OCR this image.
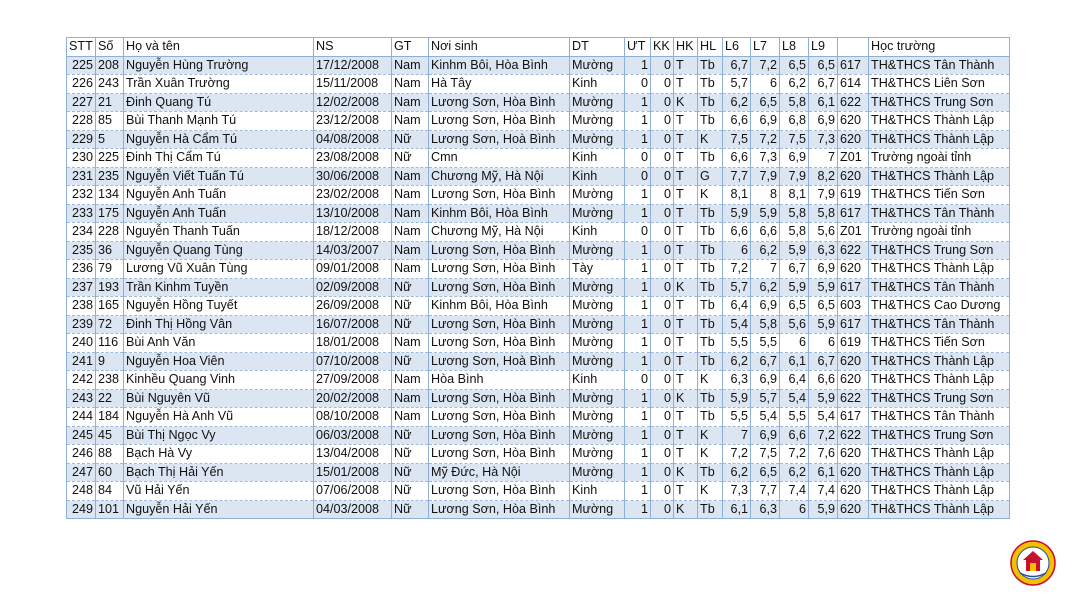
STT	Số	Họ và tên	NS	GT	Nơi sinh	DT	ƯT	KK	HK	HL	L6	L7	L8	L9		Học trường
225	208	Nguyễn Hùng Trường	17/12/2008	Nam	Kinhm Bôi, Hòa Bình	Mường	1	0	T	Tb	6,7	7,2	6,5	6,5	617	TH&THCS Tân Thành
226	243	Trần Xuân Trường	15/11/2008	Nam	Hà Tây	Kinh	0	0	T	Tb	5,7	6	6,2	6,7	614	TH&THCS Liên Sơn
227	21	Đinh Quang Tú	12/02/2008	Nam	Lương Sơn, Hòa Bình	Mường	1	0	K	Tb	6,2	6,5	5,8	6,1	622	TH&THCS Trung Sơn
228	85	Bùi Thanh Mạnh Tú	23/12/2008	Nam	Lương Sơn, Hòa Bình	Mường	1	0	T	Tb	6,6	6,9	6,8	6,9	620	TH&THCS Thành Lập
229	5	Nguyễn Hà Cẩm Tú	04/08/2008	Nữ	Lương Sơn, Hoà Bình	Mường	1	0	T	K	7,5	7,2	7,5	7,3	620	TH&THCS Thành Lập
230	225	Đinh Thị Cẩm Tú	23/08/2008	Nữ	Cmn	Kinh	0	0	T	Tb	6,6	7,3	6,9	7	Z01	Trường ngoài tỉnh
231	235	Nguyễn Viết Tuấn Tú	30/06/2008	Nam	Chương Mỹ, Hà Nội	Kinh	0	0	T	G	7,7	7,9	7,9	8,2	620	TH&THCS Thành Lập
232	134	Nguyễn Anh Tuấn	23/02/2008	Nam	Lương Sơn, Hòa Bình	Mường	1	0	T	K	8,1	8	8,1	7,9	619	TH&THCS Tiến Sơn
233	175	Nguyễn Anh Tuấn	13/10/2008	Nam	Kinhm Bôi, Hòa Bình	Mường	1	0	T	Tb	5,9	5,9	5,8	5,8	617	TH&THCS Tân Thành
234	228	Nguyễn Thanh Tuấn	18/12/2008	Nam	Chương Mỹ, Hà Nội	Kinh	0	0	T	Tb	6,6	6,6	5,8	5,6	Z01	Trường ngoài tỉnh
235	36	Nguyễn Quang Tùng	14/03/2007	Nam	Lương Sơn, Hòa Bình	Mường	1	0	T	Tb	6	6,2	5,9	6,3	622	TH&THCS Trung Sơn
236	79	Lương Vũ Xuân Tùng	09/01/2008	Nam	Lương Sơn, Hòa Bình	Tày	1	0	T	Tb	7,2	7	6,7	6,9	620	TH&THCS Thành Lập
237	193	Trần Kinhm Tuyền	02/09/2008	Nữ	Lương Sơn, Hòa Bình	Mường	1	0	K	Tb	5,7	6,2	5,9	5,9	617	TH&THCS Tân Thành
238	165	Nguyễn Hồng Tuyết	26/09/2008	Nữ	Kinhm Bôi, Hòa Bình	Mường	1	0	T	Tb	6,4	6,9	6,5	6,5	603	TH&THCS Cao Dương
239	72	Đinh Thị Hồng Vân	16/07/2008	Nữ	Lương Sơn, Hòa Bình	Mường	1	0	T	Tb	5,4	5,8	5,6	5,9	617	TH&THCS Tân Thành
240	116	Bùi Anh Văn	18/01/2008	Nam	Lương Sơn, Hòa Bình	Mường	1	0	T	Tb	5,5	5,5	6	6	619	TH&THCS Tiến Sơn
241	9	Nguyễn Hoa Viên	07/10/2008	Nữ	Lương Sơn, Hoà Bình	Mường	1	0	T	Tb	6,2	6,7	6,1	6,7	620	TH&THCS Thành Lập
242	238	Kinhều Quang Vinh	27/09/2008	Nam	Hòa Bình	Kinh	0	0	T	K	6,3	6,9	6,4	6,6	620	TH&THCS Thành Lập
243	22	Bùi Nguyên Vũ	20/02/2008	Nam	Lương Sơn, Hòa Bình	Mường	1	0	K	Tb	5,9	5,7	5,4	5,9	622	TH&THCS Trung Sơn
244	184	Nguyễn Hà Anh Vũ	08/10/2008	Nam	Lương Sơn, Hòa Bình	Mường	1	0	T	Tb	5,5	5,4	5,5	5,4	617	TH&THCS Tân Thành
245	45	Bùi Thị Ngọc Vy	06/03/2008	Nữ	Lương Sơn, Hòa Bình	Mường	1	0	T	K	7	6,9	6,6	7,2	622	TH&THCS Trung Sơn
246	88	Bạch Hà Vy	13/04/2008	Nữ	Lương Sơn, Hòa Bình	Mường	1	0	T	K	7,2	7,5	7,2	7,6	620	TH&THCS Thành Lập
247	60	Bạch Thị Hải Yến	15/01/2008	Nữ	Mỹ Đức, Hà Nội	Mường	1	0	K	Tb	6,2	6,5	6,2	6,1	620	TH&THCS Thành Lập
248	84	Vũ Hải Yến	07/06/2008	Nữ	Lương Sơn, Hòa Bình	Kinh	1	0	T	K	7,3	7,7	7,4	7,4	620	TH&THCS Thành Lập
249	101	Nguyễn Hải Yến	04/03/2008	Nữ	Lương Sơn, Hòa Bình	Mường	1	0	K	Tb	6,1	6,3	6	5,9	620	TH&THCS Thành Lập
